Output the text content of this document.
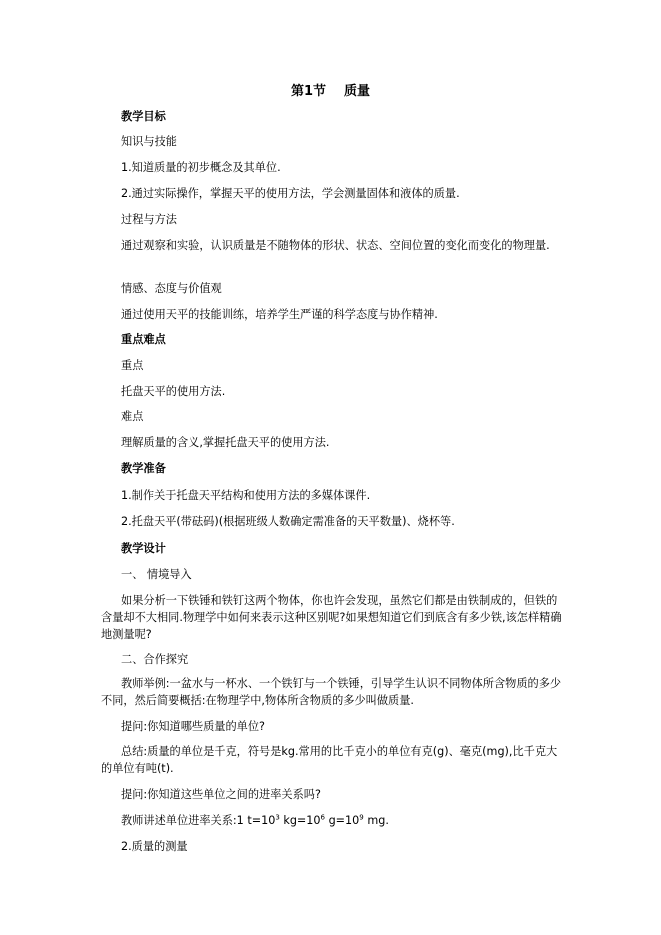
第1节 质量
教学目标
知识与技能
1.知道质量的初步概念及其单位.
2.通过实际操作，掌握天平的使用方法，学会测量固体和液体的质量.
过程与方法
通过观察和实验，认识质量是不随物体的形状、状态、空间位置的变化而变化的物理量.
情感、态度与价值观
通过使用天平的技能训练，培养学生严谨的科学态度与协作精神.
重点难点
重点
托盘天平的使用方法.
难点
理解质量的含义,掌握托盘天平的使用方法.
教学准备
1.制作关于托盘天平结构和使用方法的多媒体课件.
2.托盘天平(带砝码)(根据班级人数确定需准备的天平数量)、烧杯等.
教学设计
一、 情境导入
如果分析一下铁锤和铁钉这两个物体，你也许会发现，虽然它们都是由铁制成的，但铁的含量却不大相同.物理学中如何来表示这种区别呢?如果想知道它们到底含有多少铁,该怎样精确地测量呢?
二、合作探究
教师举例:一盆水与一杯水、一个铁钉与一个铁锤，引导学生认识不同物体所含物质的多少不同，然后简要概括:在物理学中,物体所含物质的多少叫做质量.
提问:你知道哪些质量的单位?
总结:质量的单位是千克，符号是kg.常用的比千克小的单位有克(g)、毫克(mg),比千克大的单位有吨(t).
提问:你知道这些单位之间的进率关系吗?
教师讲述单位进率关系:1 $t=10^3$ $kg=10^6$ $g=10^9$ mg.
2.质量的测量
